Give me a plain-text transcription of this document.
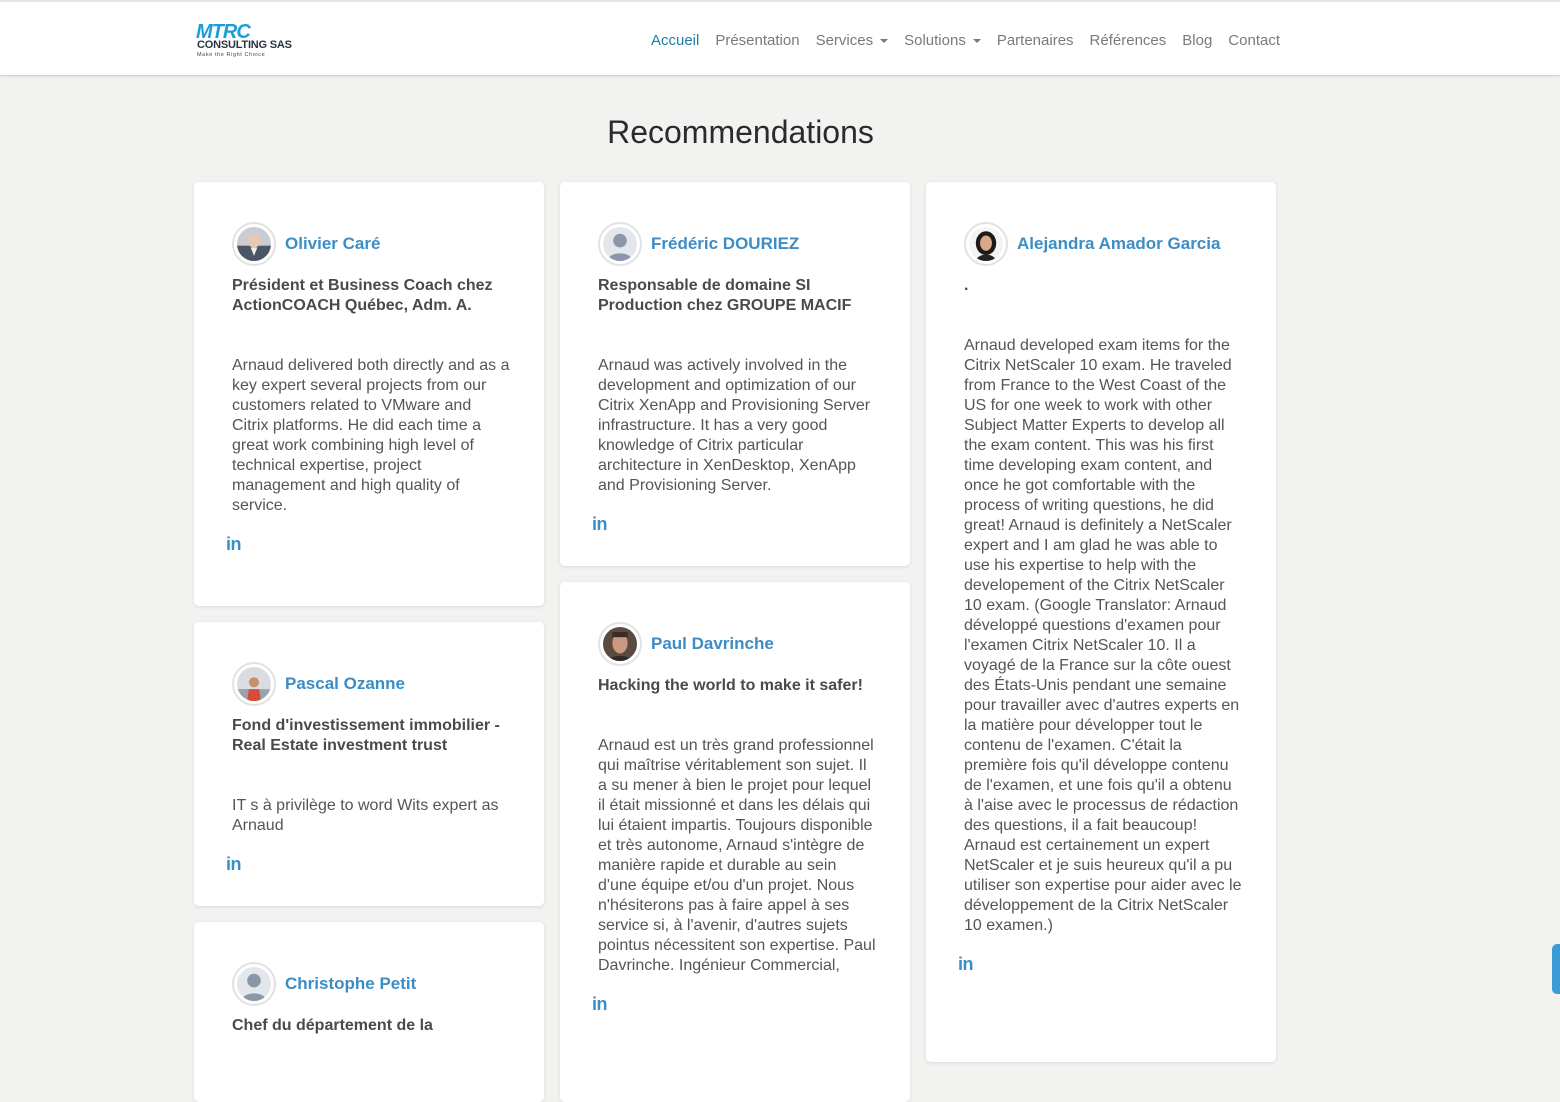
MTRC
CONSULTING SAS
Make the Right Choice
Accueil Présentation Services Solutions Partenaires Références Blog Contact
Recommendations
Olivier Caré
Président et Business Coach chez ActionCOACH Québec, Adm. A.
Arnaud delivered both directly and as a key expert several projects from our customers related to VMware and Citrix platforms. He did each time a great work combining high level of technical expertise, project management and high quality of service.
in
Frédéric DOURIEZ
Responsable de domaine SI Production chez GROUPE MACIF
Arnaud was actively involved in the development and optimization of our Citrix XenApp and Provisioning Server infrastructure. It has a very good knowledge of Citrix particular architecture in XenDesktop, XenApp and Provisioning Server.
in
Alejandra Amador Garcia
.
Arnaud developed exam items for the Citrix NetScaler 10 exam. He traveled from France to the West Coast of the US for one week to work with other Subject Matter Experts to develop all the exam content. This was his first time developing exam content, and once he got comfortable with the process of writing questions, he did great! Arnaud is definitely a NetScaler expert and I am glad he was able to use his expertise to help with the developement of the Citrix NetScaler 10 exam. (Google Translator: Arnaud développé questions d'examen pour l'examen Citrix NetScaler 10. Il a voyagé de la France sur la côte ouest des États-Unis pendant une semaine pour travailler avec d'autres experts en la matière pour développer tout le contenu de l'examen. C'était la première fois qu'il développe contenu de l'examen, et une fois qu'il a obtenu à l'aise avec le processus de rédaction des questions, il a fait beaucoup! Arnaud est certainement un expert NetScaler et je suis heureux qu'il a pu utiliser son expertise pour aider avec le développement de la Citrix NetScaler 10 examen.)
in
Pascal Ozanne
Fond d'investissement immobilier - Real Estate investment trust
IT s à privilège to word Wits expert as Arnaud
in
Paul Davrinche
Hacking the world to make it safer!
Arnaud est un très grand professionnel qui maîtrise véritablement son sujet. Il a su mener à bien le projet pour lequel il était missionné et dans les délais qui lui étaient impartis. Toujours disponible et très autonome, Arnaud s'intègre de manière rapide et durable au sein d'une équipe et/ou d'un projet. Nous n'hésiterons pas à faire appel à ses service si, à l'avenir, d'autres sujets pointus nécessitent son expertise. Paul Davrinche. Ingénieur Commercial,
in
Christophe Petit
Chef du département de la
